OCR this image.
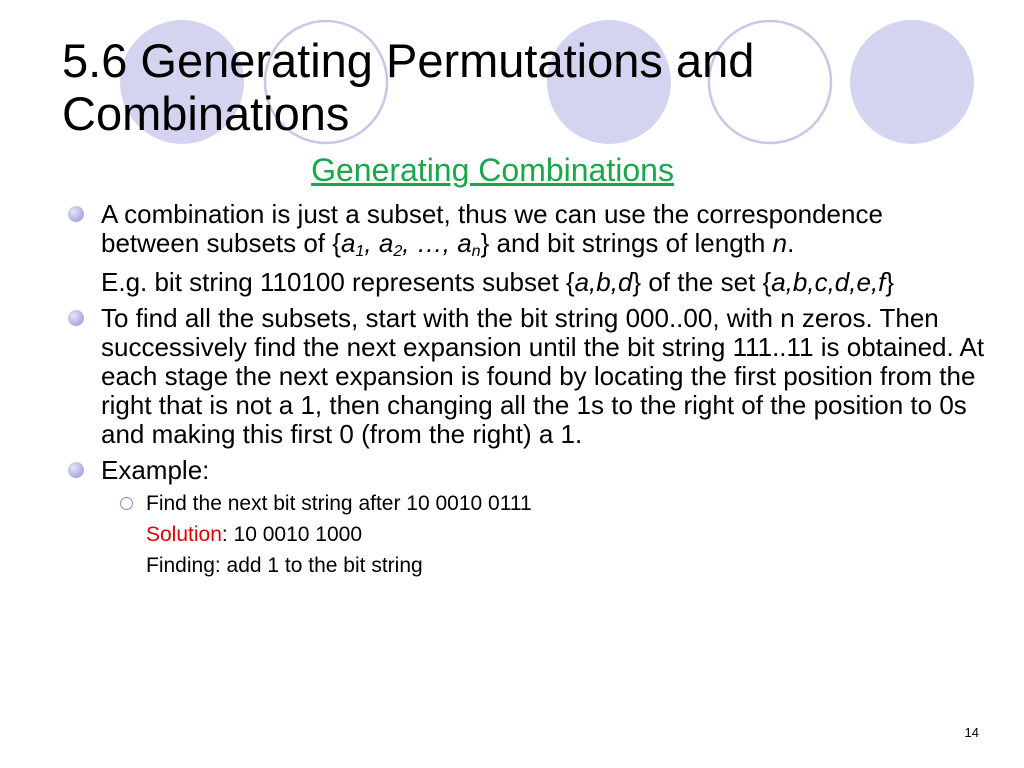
5.6 Generating Permutations and Combinations
Generating Combinations
A combination is just a subset, thus we can use the correspondence between subsets of {$a_1$, $a_2$, …, $a_n$} and bit strings of length n.
E.g. bit string 110100 represents subset {a,b,d} of the set {a,b,c,d,e,f}
To find all the subsets, start with the bit string 000..00, with n zeros. Then successively find the next expansion until the bit string 111..11 is obtained. At each stage the next expansion is found by locating the first position from the right that is not a 1, then changing all the 1s to the right of the position to 0s and making this first 0 (from the right) a 1.
Example:
Find the next bit string after 10 0010 0111
Solution: 10 0010 1000
Finding: add 1 to the bit string
14
